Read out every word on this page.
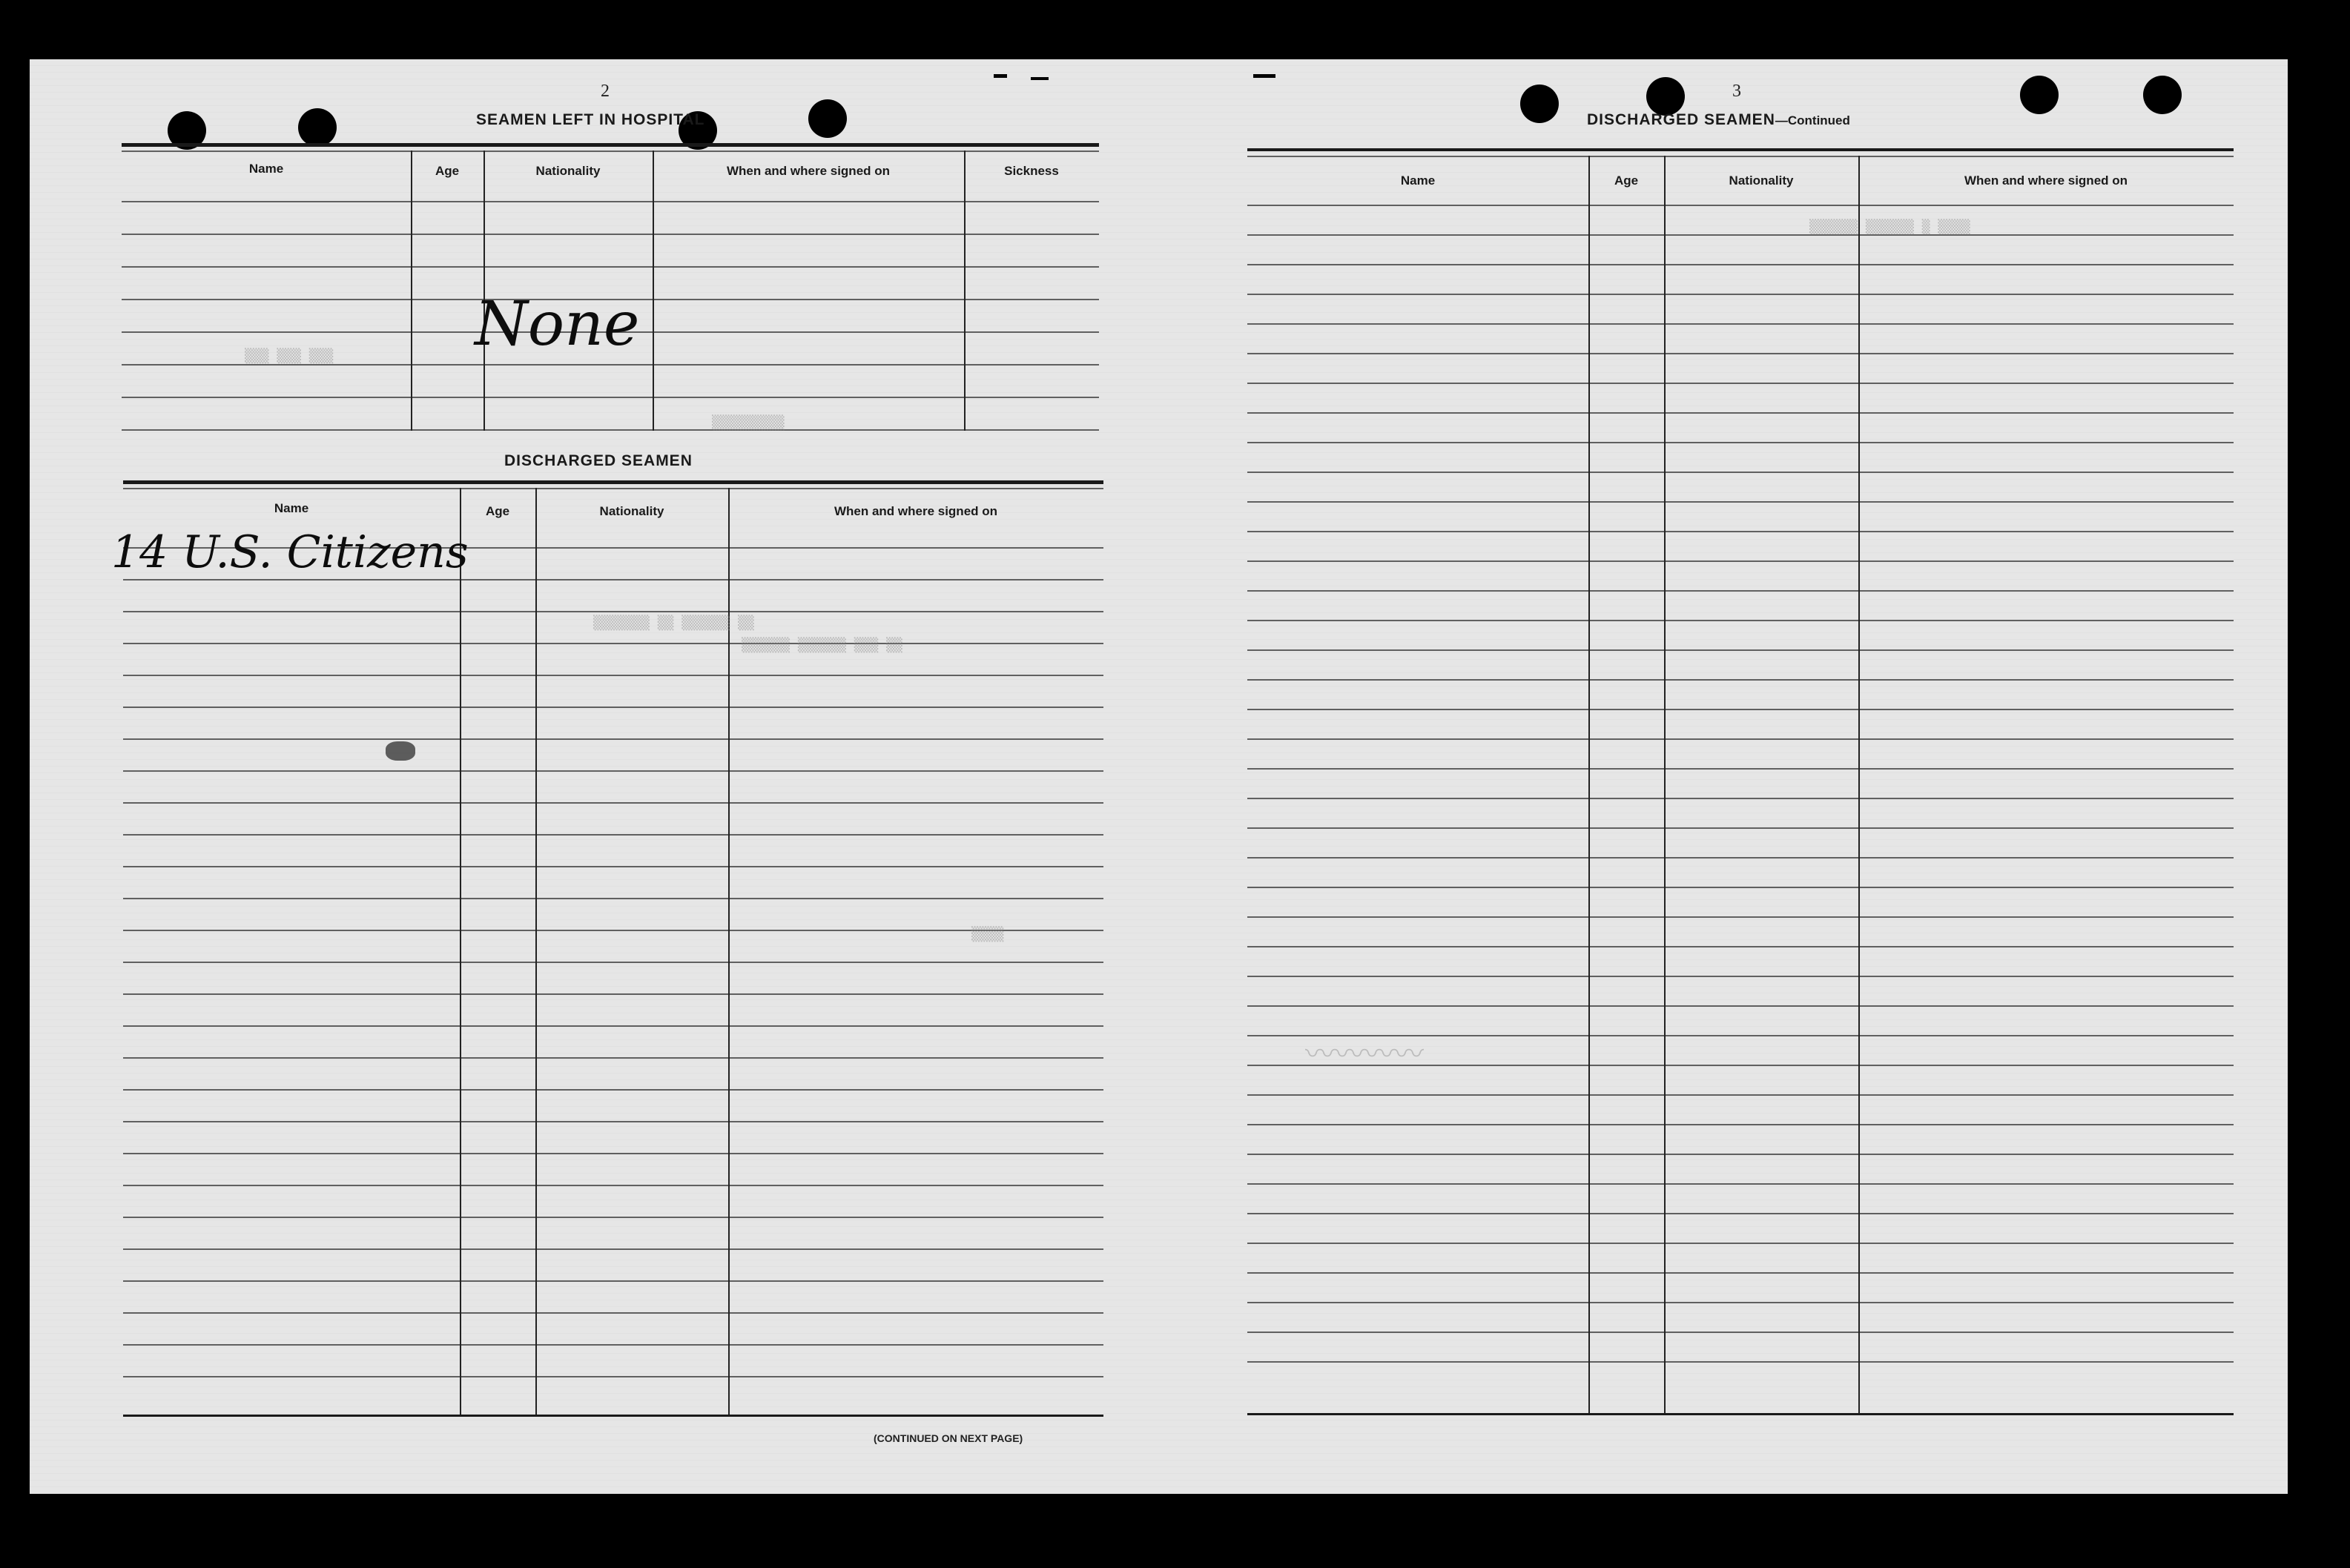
2
SEAMEN LEFT IN HOSPITAL
Name	Age	Nationality	When and where signed on	Sickness
None
DISCHARGED SEAMEN
Name	Age	Nationality	When and where signed on
14 U.S. Citizens
(CONTINUED ON NEXT PAGE)
▒▒▒ ▒▒▒ ▒▒▒
▒▒▒▒▒▒▒▒▒
▒▒▒▒▒▒▒ ▒▒ ▒▒▒▒▒▒ ▒▒
▒▒▒▒▒▒ ▒▒▒▒▒▒ ▒▒▒ ▒▒
▒▒▒▒
3
DISCHARGED SEAMEN—Continued
Name	Age	Nationality	When and where signed on
▒▒▒▒▒▒ ▒▒▒▒▒▒ ▒ ▒▒▒▒
〰〰〰〰
